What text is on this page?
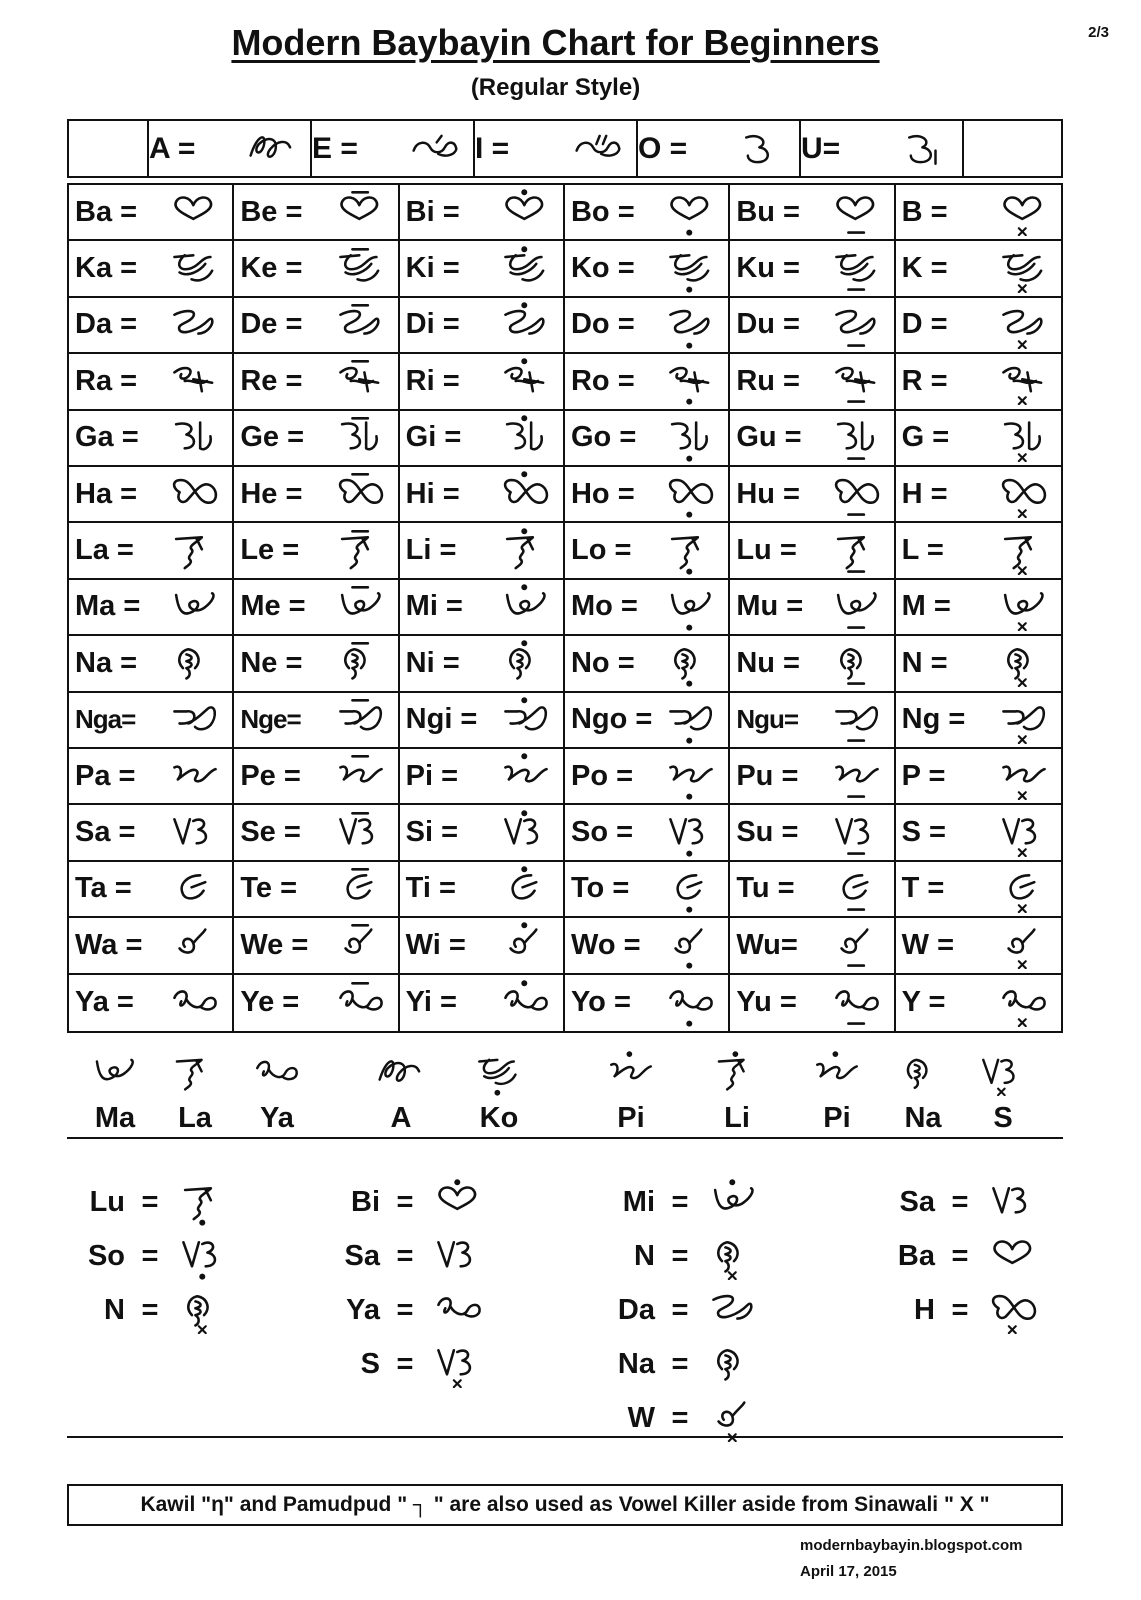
2/3
Modern Baybayin Chart for Beginners
(Regular Style)
A =	E =	I =	O =	U=
Ba =	Be =	Bi =	Bo =	Bu =	B =
Ka =	Ke =	Ki =	Ko =	Ku =	K =
Da =	De =	Di =	Do =	Du =	D =
Ra =	Re =	Ri =	Ro =	Ru =	R =
Ga =	Ge =	Gi =	Go =	Gu =	G =
Ha =	He =	Hi =	Ho =	Hu =	H =
La =	Le =	Li =	Lo =	Lu =	L =
Ma =	Me =	Mi =	Mo =	Mu =	M =
Na =	Ne =	Ni =	No =	Nu =	N =
Nga=	Nge=	Ngi =	Ngo =	Ngu=	Ng =
Pa =	Pe =	Pi =	Po =	Pu =	P =
Sa =	Se =	Si =	So =	Su =	S =
Ta =	Te =	Ti =	To =	Tu =	T =
Wa =	We =	Wi =	Wo =	Wu=	W =
Ya =	Ye =	Yi =	Yo =	Yu =	Y =
Ma	La	Ya	A	Ko	Pi	Li	Pi	Na	S
Lu =
So =
N =
Bi =
Sa =
Ya =
S =
Mi =
N =
Da =
Na =
W =
Sa =
Ba =
H =
Kawil "η" and Pamudpud " ┐ " are also used as Vowel Killer aside from Sinawali " X "
modernbaybayin.blogspot.com
April 17, 2015
